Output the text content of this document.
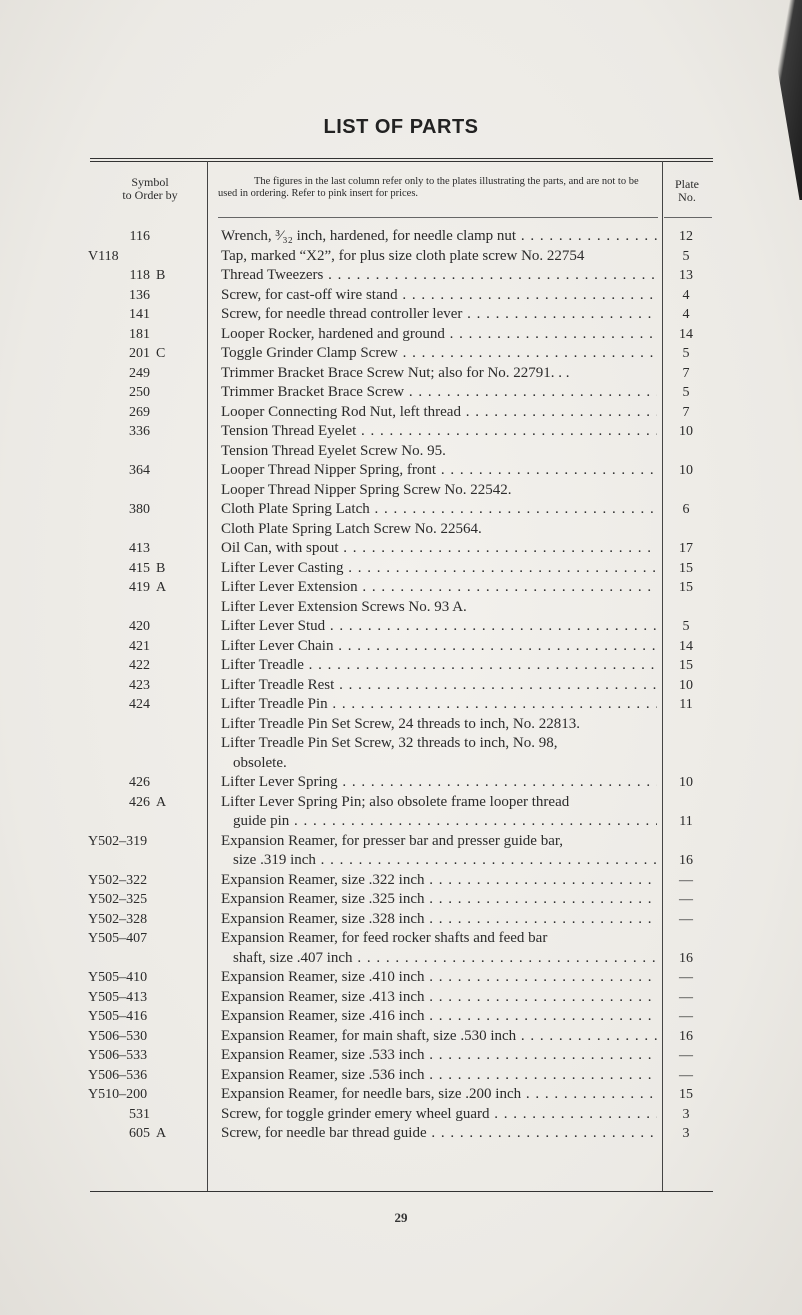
LIST OF PARTS
Symbol
to Order by
The figures in the last column refer only to the plates illustrating the parts, and are not to be used in ordering. Refer to pink insert for prices.
Plate
No.
116	Wrench, ³⁄₃₂ inch, hardened, for needle clamp nut . . .	12
V118	Tap, marked “X2”, for plus size cloth plate screw No. 22754	5
118 B	Thread Tweezers . . .	13
136	Screw, for cast-off wire stand . . .	4
141	Screw, for needle thread controller lever . . .	4
181	Looper Rocker, hardened and ground . . .	14
201 C	Toggle Grinder Clamp Screw . . .	5
249	Trimmer Bracket Brace Screw Nut; also for No. 22791. . .	7
250	Trimmer Bracket Brace Screw . . .	5
269	Looper Connecting Rod Nut, left thread . . .	7
336	Tension Thread Eyelet . . .	10
Tension Thread Eyelet Screw No. 95.
364	Looper Thread Nipper Spring, front . . .	10
Looper Thread Nipper Spring Screw No. 22542.
380	Cloth Plate Spring Latch . . .	6
Cloth Plate Spring Latch Screw No. 22564.
413	Oil Can, with spout . . .	17
415 B	Lifter Lever Casting . . .	15
419 A	Lifter Lever Extension . . .	15
Lifter Lever Extension Screws No. 93 A.
420	Lifter Lever Stud . . .	5
421	Lifter Lever Chain . . .	14
422	Lifter Treadle . . .	15
423	Lifter Treadle Rest . . .	10
424	Lifter Treadle Pin . . .	11
Lifter Treadle Pin Set Screw, 24 threads to inch, No. 22813.
Lifter Treadle Pin Set Screw, 32 threads to inch, No. 98,
obsolete.
426	Lifter Lever Spring . . .	10
426 A	Lifter Lever Spring Pin; also obsolete frame looper thread
guide pin . . .	11
Y502–319	Expansion Reamer, for presser bar and presser guide bar,
size .319 inch . . .	16
Y502–322	Expansion Reamer, size .322 inch . . .	—
Y502–325	Expansion Reamer, size .325 inch . . .	—
Y502–328	Expansion Reamer, size .328 inch . . .	—
Y505–407	Expansion Reamer, for feed rocker shafts and feed bar
shaft, size .407 inch . . .	16
Y505–410	Expansion Reamer, size .410 inch . . .	—
Y505–413	Expansion Reamer, size .413 inch . . .	—
Y505–416	Expansion Reamer, size .416 inch . . .	—
Y506–530	Expansion Reamer, for main shaft, size .530 inch . . .	16
Y506–533	Expansion Reamer, size .533 inch . . .	—
Y506–536	Expansion Reamer, size .536 inch . . .	—
Y510–200	Expansion Reamer, for needle bars, size .200 inch . . .	15
531	Screw, for toggle grinder emery wheel guard . . .	3
605 A	Screw, for needle bar thread guide . . .	3
29
